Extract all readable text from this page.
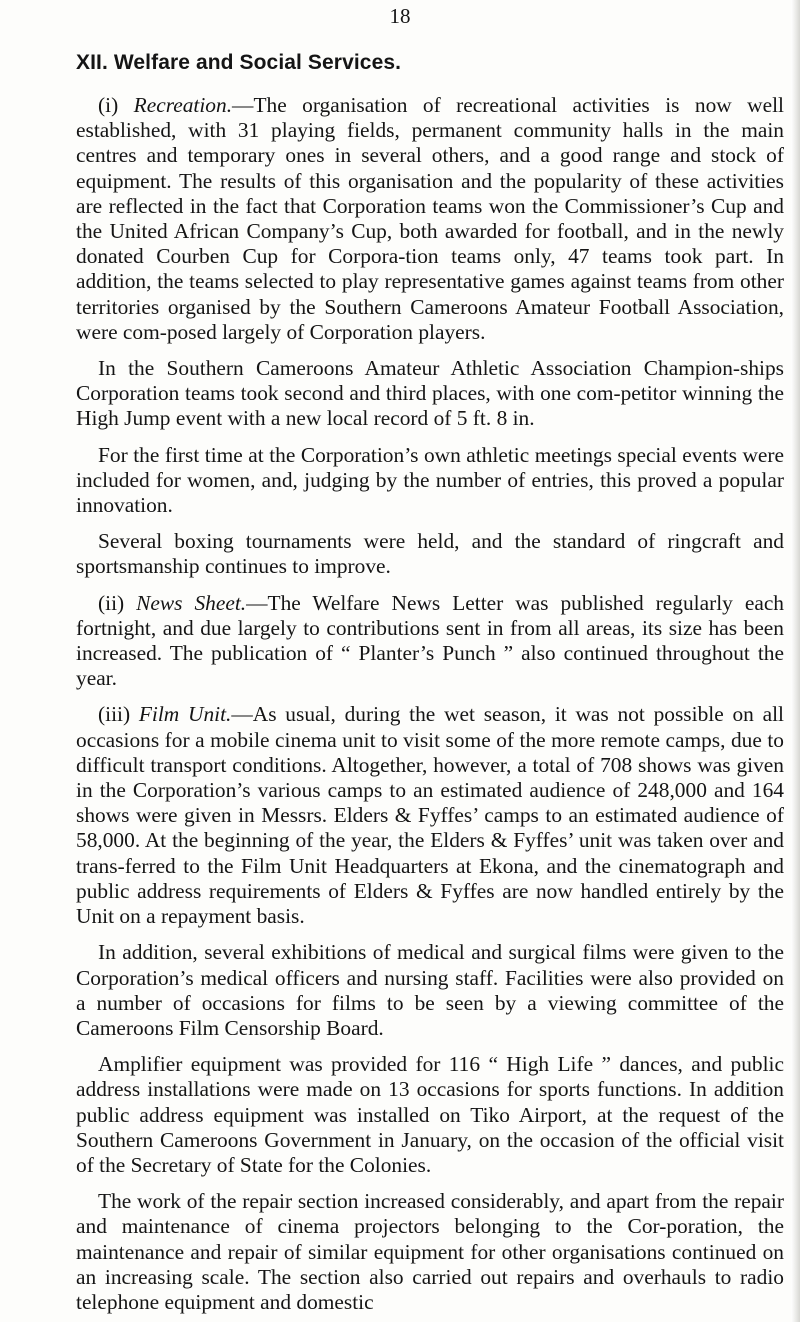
18
XII. Welfare and Social Services.

(i) Recreation.—The organisation of recreational activities is now well established, with 31 playing fields, permanent community halls in the main centres and temporary ones in several others, and a good range and stock of equipment. The results of this organisation and the popularity of these activities are reflected in the fact that Corporation teams won the Commissioner’s Cup and the United African Company’s Cup, both awarded for football, and in the newly donated Courben Cup for Corpora-tion teams only, 47 teams took part. In addition, the teams selected to play representative games against teams from other territories organised by the Southern Cameroons Amateur Football Association, were com-posed largely of Corporation players.

In the Southern Cameroons Amateur Athletic Association Champion-ships Corporation teams took second and third places, with one com-petitor winning the High Jump event with a new local record of 5 ft. 8 in.

For the first time at the Corporation’s own athletic meetings special events were included for women, and, judging by the number of entries, this proved a popular innovation.

Several boxing tournaments were held, and the standard of ringcraft and sportsmanship continues to improve.

(ii) News Sheet.—The Welfare News Letter was published regularly each fortnight, and due largely to contributions sent in from all areas, its size has been increased. The publication of “ Planter’s Punch ” also continued throughout the year.

(iii) Film Unit.—As usual, during the wet season, it was not possible on all occasions for a mobile cinema unit to visit some of the more remote camps, due to difficult transport conditions. Altogether, however, a total of 708 shows was given in the Corporation’s various camps to an estimated audience of 248,000 and 164 shows were given in Messrs. Elders & Fyffes’ camps to an estimated audience of 58,000. At the beginning of the year, the Elders & Fyffes’ unit was taken over and trans-ferred to the Film Unit Headquarters at Ekona, and the cinematograph and public address requirements of Elders & Fyffes are now handled entirely by the Unit on a repayment basis.

In addition, several exhibitions of medical and surgical films were given to the Corporation’s medical officers and nursing staff. Facilities were also provided on a number of occasions for films to be seen by a viewing committee of the Cameroons Film Censorship Board.

Amplifier equipment was provided for 116 “ High Life ” dances, and public address installations were made on 13 occasions for sports functions. In addition public address equipment was installed on Tiko Airport, at the request of the Southern Cameroons Government in January, on the occasion of the official visit of the Secretary of State for the Colonies.

The work of the repair section increased considerably, and apart from the repair and maintenance of cinema projectors belonging to the Cor-poration, the maintenance and repair of similar equipment for other organisations continued on an increasing scale. The section also carried out repairs and overhauls to radio telephone equipment and domestic
